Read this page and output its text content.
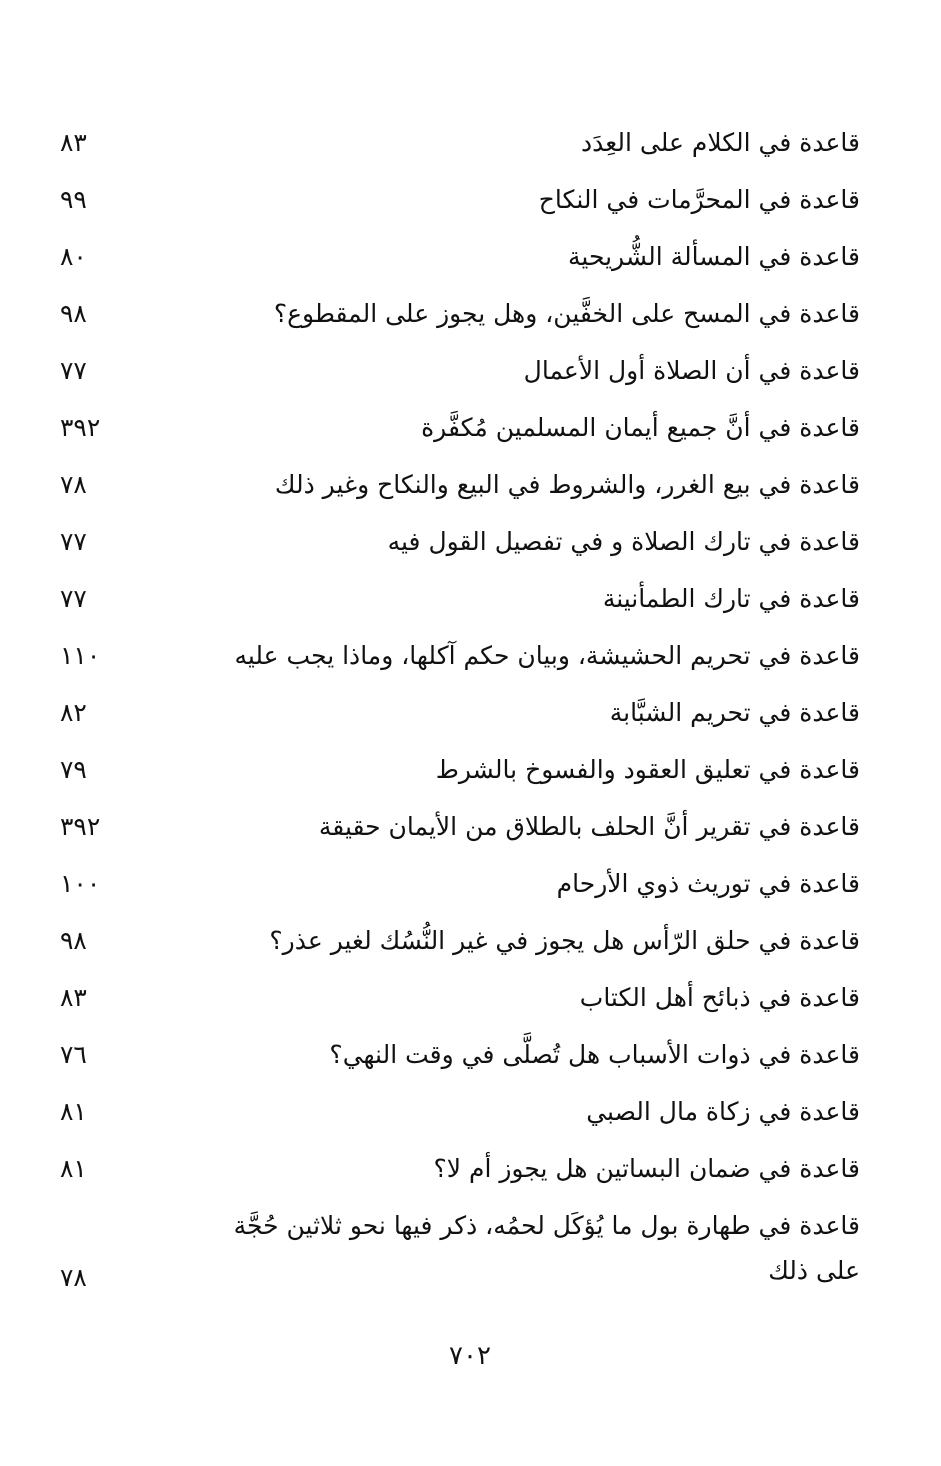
قاعدة في الكلام على العِدَد
٨٣
قاعدة في المحرَّمات في النكاح
٩٩
قاعدة في المسألة الشُّريحية
٨٠
قاعدة في المسح على الخفَّين، وهل يجوز على المقطوع؟
٩٨
قاعدة في أن الصلاة أول الأعمال
٧٧
قاعدة في أنَّ جميع أيمان المسلمين مُكفَّرة
٣٩٢
قاعدة في بيع الغرر، والشروط في البيع والنكاح وغير ذلك
٧٨
قاعدة في تارك الصلاة و في تفصيل القول فيه
٧٧
قاعدة في تارك الطمأنينة
٧٧
قاعدة في تحريم الحشيشة، وبيان حكم آكلها، وماذا يجب عليه
١١٠
قاعدة في تحريم الشبَّابة
٨٢
قاعدة في تعليق العقود والفسوخ بالشرط
٧٩
قاعدة في تقرير أنَّ الحلف بالطلاق من الأيمان حقيقة
٣٩٢
قاعدة في توريث ذوي الأرحام
١٠٠
قاعدة في حلق الرّأس هل يجوز في غير النُّسُك لغير عذر؟
٩٨
قاعدة في ذبائح أهل الكتاب
٨٣
قاعدة في ذوات الأسباب هل تُصلَّى في وقت النهي؟
٧٦
قاعدة في زكاة مال الصبي
٨١
قاعدة في ضمان البساتين هل يجوز أم لا؟
٨١
قاعدة في طهارة بول ما يُؤكَل لحمُه، ذكر فيها نحو ثلاثين حُجَّة على ذلك
٧٨
٧٠٢
